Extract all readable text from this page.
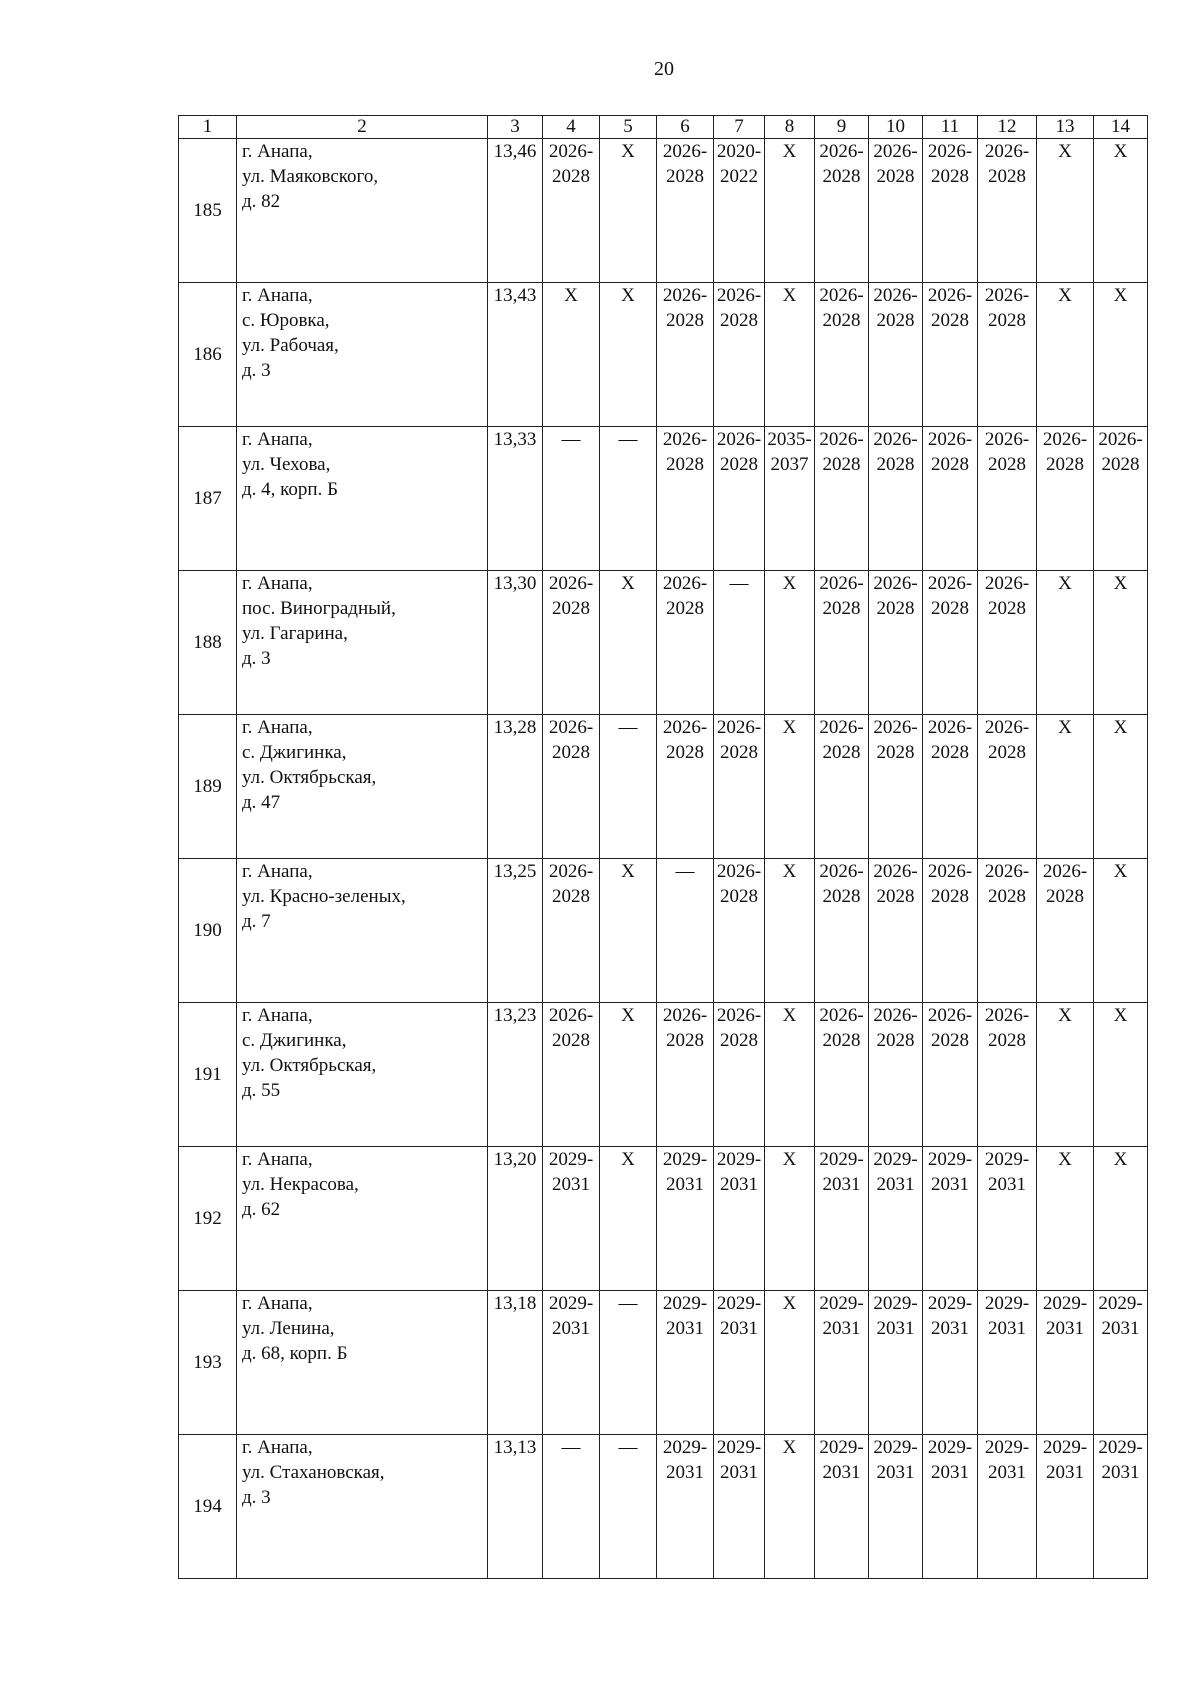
20
1	2	3	4	5	6	7	8	9	10	11	12	13	14
185	г. Анапа,
ул. Маяковского,
д. 82	13,46	2026-
2028	Х	2026-
2028	2020-
2022	Х	2026-
2028	2026-
2028	2026-
2028	2026-
2028	Х	Х

186	г. Анапа,
с. Юровка,
ул. Рабочая,
д. 3	13,43	Х	Х	2026-
2028	2026-
2028	Х	2026-
2028	2026-
2028	2026-
2028	2026-
2028	Х	Х

187	г. Анапа,
ул. Чехова,
д. 4, корп. Б	13,33	—	—	2026-
2028	2026-
2028	2035-
2037	2026-
2028	2026-
2028	2026-
2028	2026-
2028	2026-
2028	2026-
2028

188	г. Анапа,
пос. Виноградный,
ул. Гагарина,
д. 3	13,30	2026-
2028	Х	2026-
2028	—	Х	2026-
2028	2026-
2028	2026-
2028	2026-
2028	Х	Х

189	г. Анапа,
с. Джигинка,
ул. Октябрьская,
д. 47	13,28	2026-
2028	—	2026-
2028	2026-
2028	Х	2026-
2028	2026-
2028	2026-
2028	2026-
2028	Х	Х

190	г. Анапа,
ул. Красно-зеленых,
д. 7	13,25	2026-
2028	Х	—	2026-
2028	Х	2026-
2028	2026-
2028	2026-
2028	2026-
2028	2026-
2028	Х

191	г. Анапа,
с. Джигинка,
ул. Октябрьская,
д. 55	13,23	2026-
2028	Х	2026-
2028	2026-
2028	Х	2026-
2028	2026-
2028	2026-
2028	2026-
2028	Х	Х

192	г. Анапа,
ул. Некрасова,
д. 62	13,20	2029-
2031	Х	2029-
2031	2029-
2031	Х	2029-
2031	2029-
2031	2029-
2031	2029-
2031	Х	Х

193	г. Анапа,
ул. Ленина,
д. 68, корп. Б	13,18	2029-
2031	—	2029-
2031	2029-
2031	Х	2029-
2031	2029-
2031	2029-
2031	2029-
2031	2029-
2031	2029-
2031

194	г. Анапа,
ул. Стахановская,
д. 3	13,13	—	—	2029-
2031	2029-
2031	Х	2029-
2031	2029-
2031	2029-
2031	2029-
2031	2029-
2031	2029-
2031
